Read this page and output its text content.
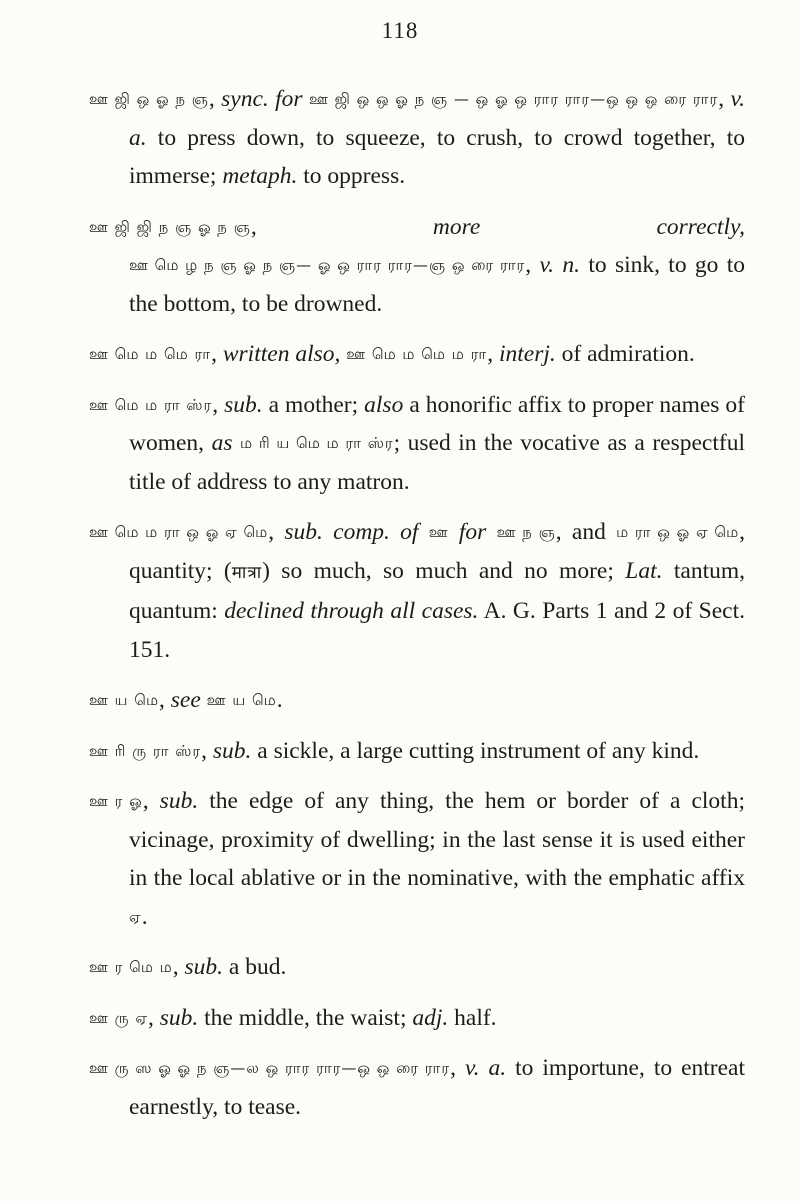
118

ஊ ஜி ஒ ஓ ந ஞ, sync. for ஊ ஜி ஒ ஒ ஓ ந ஞ — ஒ ஓ ஒ ரார ரார—ஒ ஒ ஒ ரை ரார, v. a. to press down, to squeeze, to crush, to crowd together, to immerse; metaph. to oppress.

ஊ ஜி ஜி ந ஞ ஓ ந ஞ, more correctly, ஊ மெ ழ ந ஞ ஓ ந ஞ— ஓ ஒ ரார ரார—ஞ ஒ ரை ரார, v. n. to sink, to go to the bottom, to be drowned.

ஊ மெ ம மெ ரா, written also, ஊ மெ ம மெ ம ரா, interj. of admiration.

ஊ மெ ம ரா ஸ்ர, sub. a mother; also a honorific affix to proper names of women, as ம ரி ய மெ ம ரா ஸ்ர; used in the vocative as a respectful title of address to any matron.

ஊ மெ ம ரா ஒ ஓ ஏ மெ, sub. comp. of ஊ for ஊ ந ஞ, and ம ரா ஒ ஓ ஏ மெ, quantity; (मात्रा) so much, so much and no more; Lat. tantum, quantum: declined through all cases. A. G. Parts 1 and 2 of Sect. 151.

ஊ ய மெ, see ஊ ய மெ.

ஊ ரி ரு ரா ஸ்ர, sub. a sickle, a large cutting instrument of any kind.

ஊ ர ஓ, sub. the edge of any thing, the hem or border of a cloth; vicinage, proximity of dwelling; in the last sense it is used either in the local ablative or in the nominative, with the emphatic affix ஏ.

ஊ ர மெ ம, sub. a bud.

ஊ ரு ஏ, sub. the middle, the waist; adj. half.

ஊ ரு ஸ ஓ ஓ ந ஞ—ல ஒ ரார ரார—ஒ ஒ ரை ரார, v. a. to importune, to entreat earnestly, to tease.
